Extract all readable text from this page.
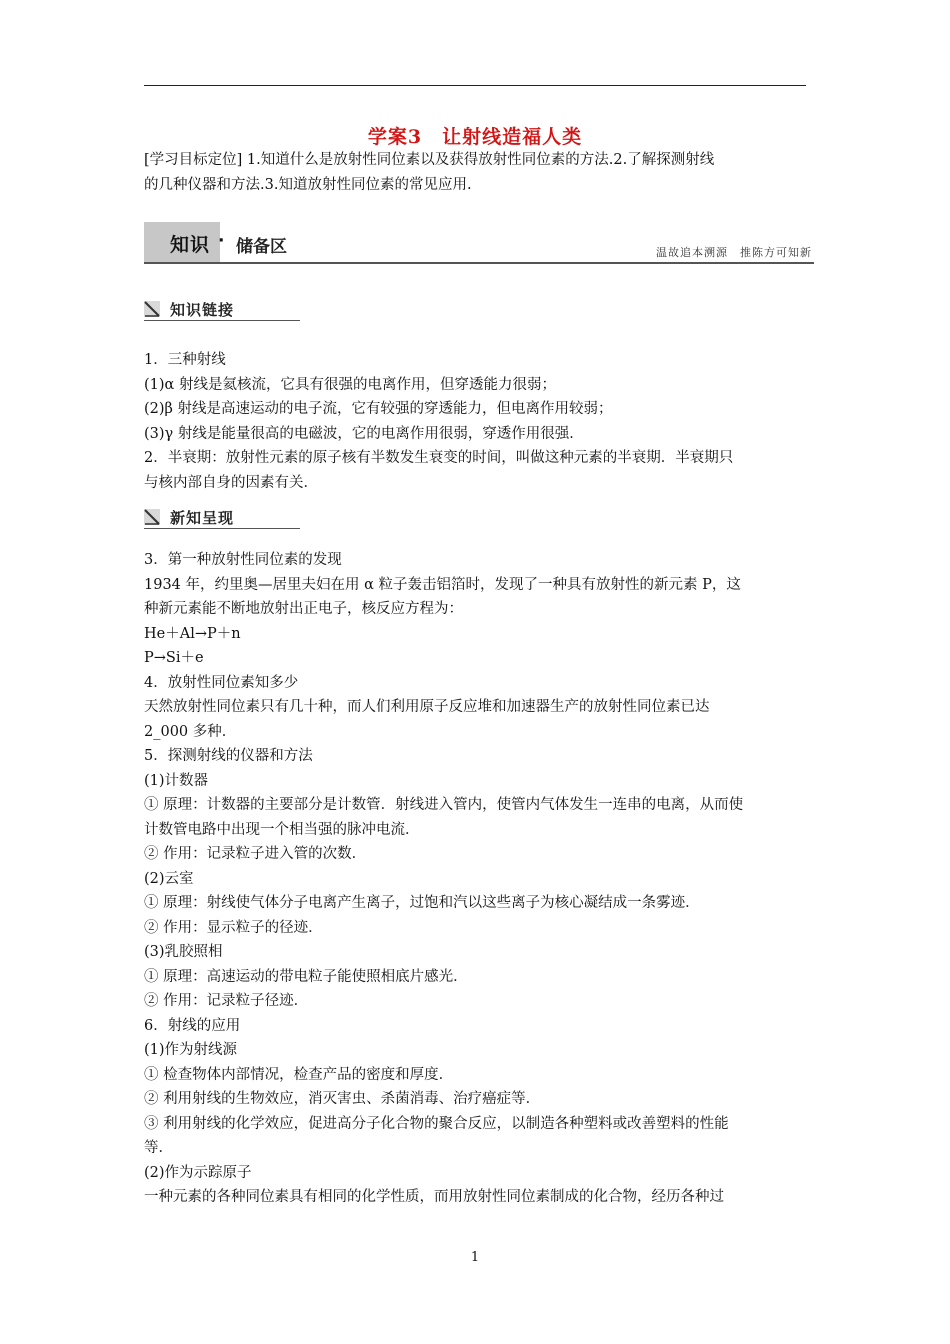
学案3　让射线造福人类
[学习目标定位] 1.知道什么是放射性同位素以及获得放射性同位素的方法.2.了解探测射线
的几种仪器和方法.3.知道放射性同位素的常见应用.
知识 · 储备区	温故追本溯源　推陈方可知新
知识链接
1．三种射线
(1)α 射线是氦核流，它具有很强的电离作用，但穿透能力很弱；
(2)β 射线是高速运动的电子流，它有较强的穿透能力，但电离作用较弱；
(3)γ 射线是能量很高的电磁波，它的电离作用很弱，穿透作用很强．
2．半衰期：放射性元素的原子核有半数发生衰变的时间，叫做这种元素的半衰期．半衰期只
与核内部自身的因素有关．
新知呈现
3．第一种放射性同位素的发现
1934 年，约里奥—居里夫妇在用 α 粒子轰击铝箔时，发现了一种具有放射性的新元素 P，这
种新元素能不断地放射出正电子，核反应方程为：
He＋Al→P＋n
P→Si＋e
4．放射性同位素知多少
天然放射性同位素只有几十种，而人们利用原子反应堆和加速器生产的放射性同位素已达
2_000 多种．
5．探测射线的仪器和方法
(1)计数器
① 原理：计数器的主要部分是计数管．射线进入管内，使管内气体发生一连串的电离，从而使
计数管电路中出现一个相当强的脉冲电流．
② 作用：记录粒子进入管的次数．
(2)云室
① 原理：射线使气体分子电离产生离子，过饱和汽以这些离子为核心凝结成一条雾迹．
② 作用：显示粒子的径迹．
(3)乳胶照相
① 原理：高速运动的带电粒子能使照相底片感光．
② 作用：记录粒子径迹．
6．射线的应用
(1)作为射线源
① 检查物体内部情况，检查产品的密度和厚度．
② 利用射线的生物效应，消灭害虫、杀菌消毒、治疗癌症等．
③ 利用射线的化学效应，促进高分子化合物的聚合反应，以制造各种塑料或改善塑料的性能
等．
(2)作为示踪原子
一种元素的各种同位素具有相同的化学性质，而用放射性同位素制成的化合物，经历各种过
1
